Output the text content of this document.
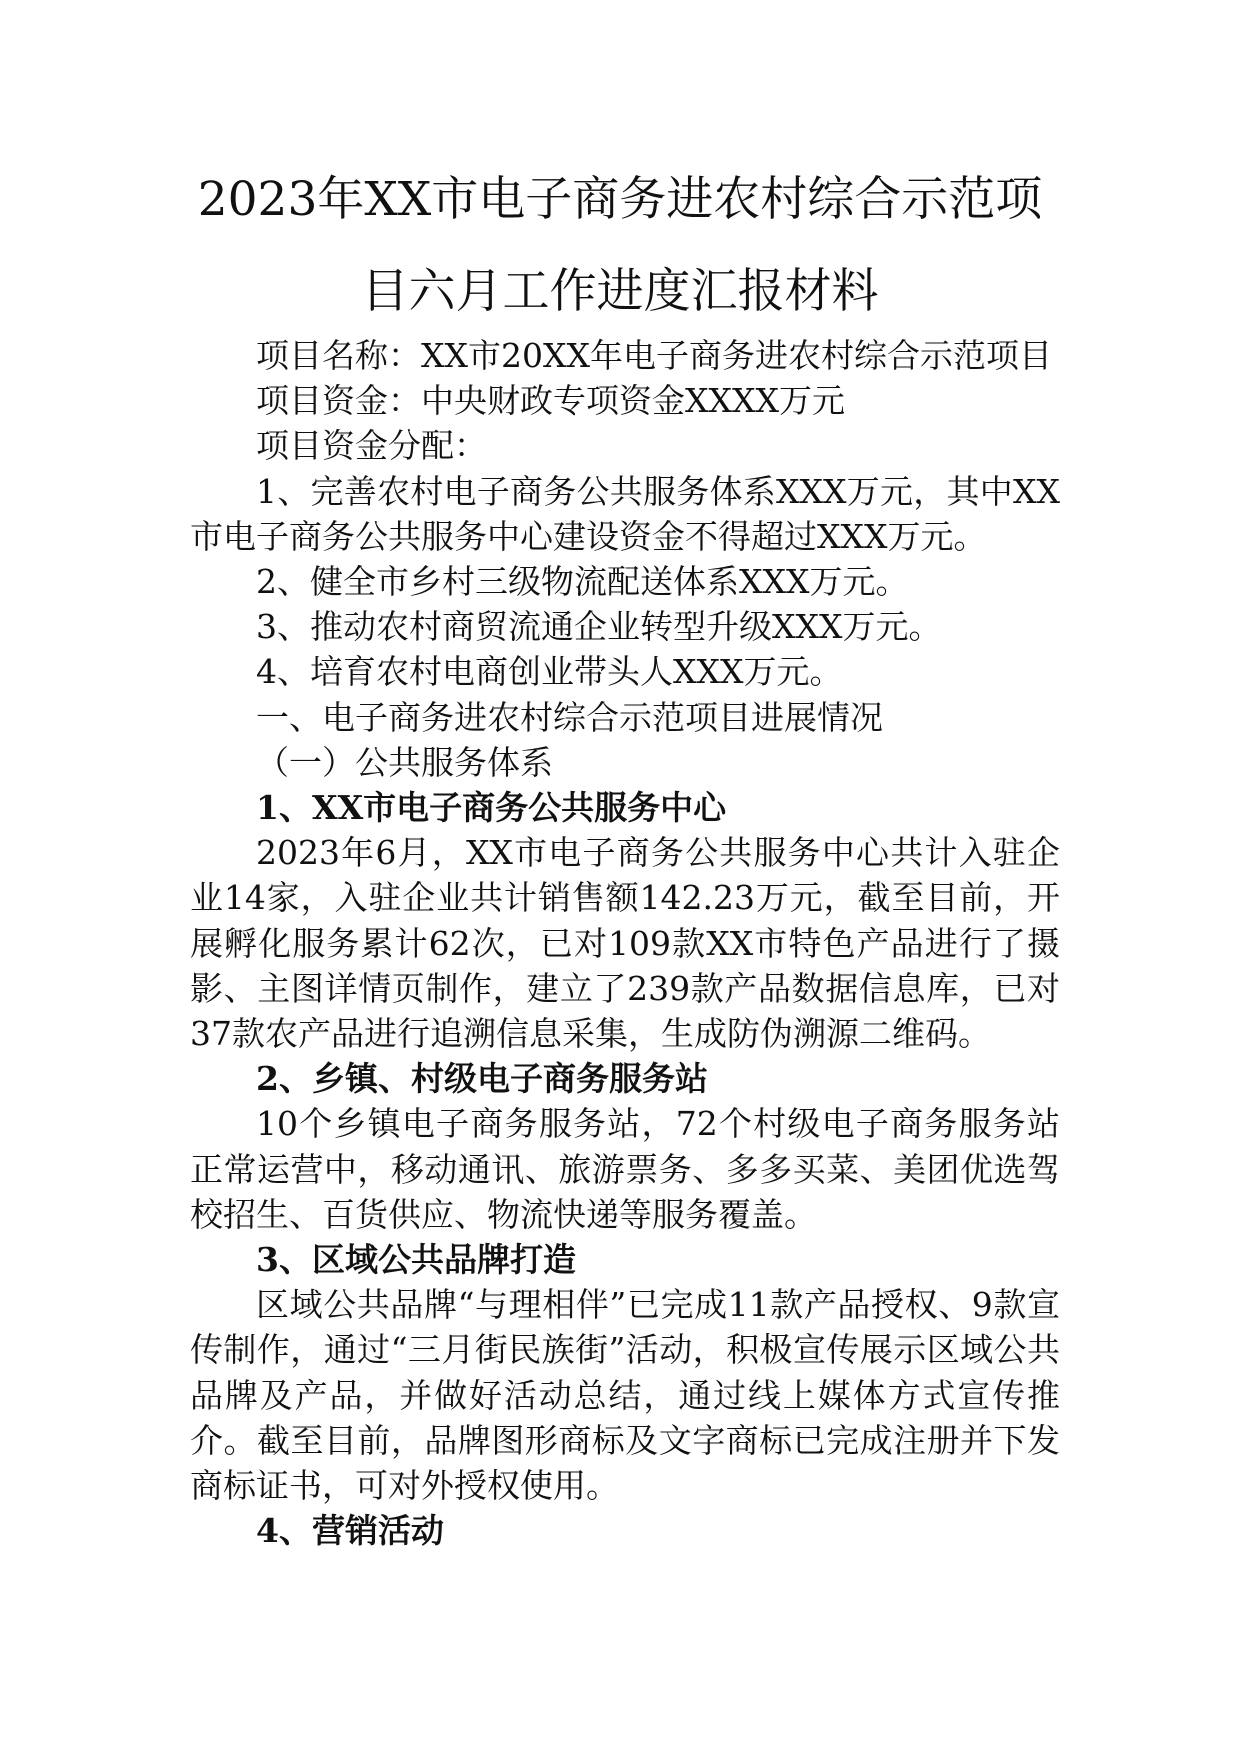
2023年XX市电子商务进农村综合示范项
目六月工作进度汇报材料

项目名称：XX市20XX年电子商务进农村综合示范项目

项目资金：中央财政专项资金XXXX万元

项目资金分配：

1、完善农村电子商务公共服务体系XXX万元，其中XX市电子商务公共服务中心建设资金不得超过XXX万元。

2、健全市乡村三级物流配送体系XXX万元。

3、推动农村商贸流通企业转型升级XXX万元。

4、培育农村电商创业带头人XXX万元。

一、电子商务进农村综合示范项目进展情况

（一）公共服务体系

1、XX市电子商务公共服务中心

2023年6月，XX市电子商务公共服务中心共计入驻企业14家，入驻企业共计销售额142.23万元，截至目前，开展孵化服务累计62次，已对109款XX市特色产品进行了摄影、主图详情页制作，建立了239款产品数据信息库，已对37款农产品进行追溯信息采集，生成防伪溯源二维码。

2、乡镇、村级电子商务服务站

10个乡镇电子商务服务站，72个村级电子商务服务站正常运营中，移动通讯、旅游票务、多多买菜、美团优选驾校招生、百货供应、物流快递等服务覆盖。

3、区域公共品牌打造

区域公共品牌“与理相伴”已完成11款产品授权、9款宣传制作，通过“三月街民族街”活动，积极宣传展示区域公共品牌及产品，并做好活动总结，通过线上媒体方式宣传推介。截至目前，品牌图形商标及文字商标已完成注册并下发商标证书，可对外授权使用。

4、营销活动
